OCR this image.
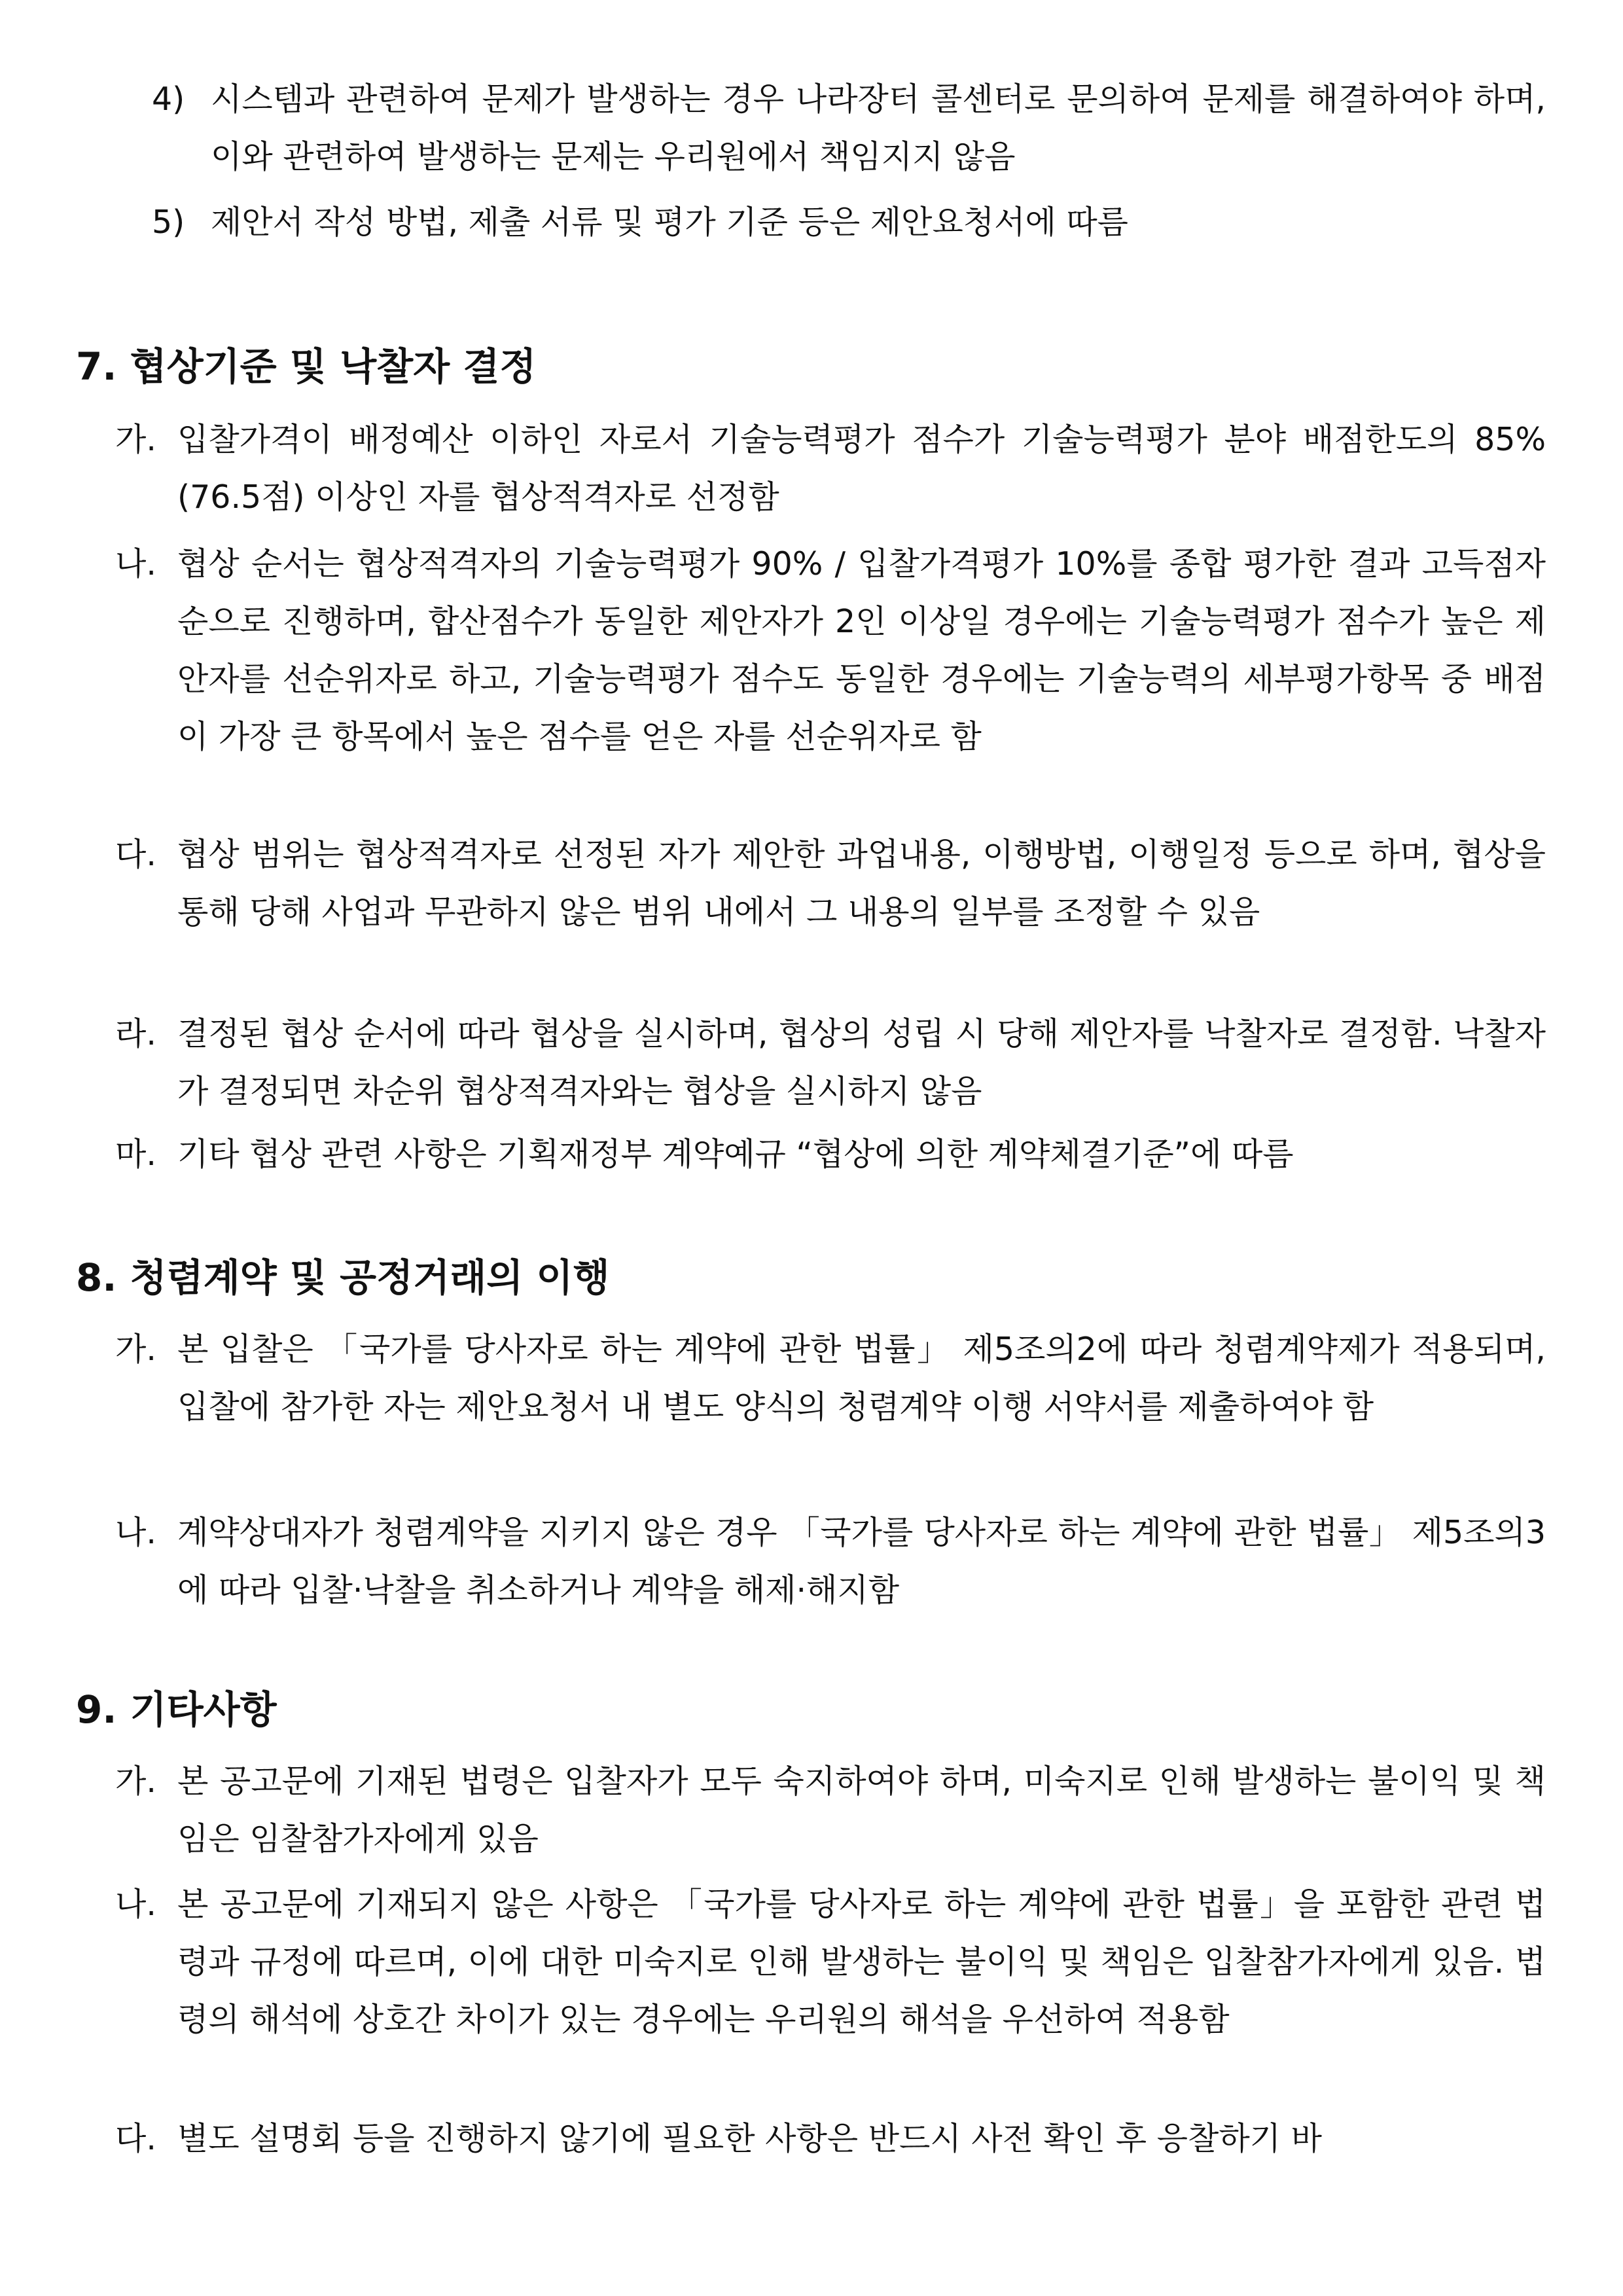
4) 시스템과 관련하여 문제가 발생하는 경우 나라장터 콜센터로 문의하여 문제를 해결하여야 하며, 이와 관련하여 발생하는 문제는 우리원에서 책임지지 않음
5) 제안서 작성 방법, 제출 서류 및 평가 기준 등은 제안요청서에 따름
7. 협상기준 및 낙찰자 결정
가. 입찰가격이 배정예산 이하인 자로서 기술능력평가 점수가 기술능력평가 분야 배점한도의 85%(76.5점) 이상인 자를 협상적격자로 선정함
나. 협상 순서는 협상적격자의 기술능력평가 90% / 입찰가격평가 10%를 종합 평가한 결과 고득점자순으로 진행하며, 합산점수가 동일한 제안자가 2인 이상일 경우에는 기술능력평가 점수가 높은 제안자를 선순위자로 하고, 기술능력평가 점수도 동일한 경우에는 기술능력의 세부평가항목 중 배점이 가장 큰 항목에서 높은 점수를 얻은 자를 선순위자로 함
다. 협상 범위는 협상적격자로 선정된 자가 제안한 과업내용, 이행방법, 이행일정 등으로 하며, 협상을 통해 당해 사업과 무관하지 않은 범위 내에서 그 내용의 일부를 조정할 수 있음
라. 결정된 협상 순서에 따라 협상을 실시하며, 협상의 성립 시 당해 제안자를 낙찰자로 결정함. 낙찰자가 결정되면 차순위 협상적격자와는 협상을 실시하지 않음
마. 기타 협상 관련 사항은 기획재정부 계약예규 “협상에 의한 계약체결기준”에 따름
8. 청렴계약 및 공정거래의 이행
가. 본 입찰은 「국가를 당사자로 하는 계약에 관한 법률」 제5조의2에 따라 청렴계약제가 적용되며, 입찰에 참가한 자는 제안요청서 내 별도 양식의 청렴계약 이행 서약서를 제출하여야 함
나. 계약상대자가 청렴계약을 지키지 않은 경우 「국가를 당사자로 하는 계약에 관한 법률」 제5조의3에 따라 입찰·낙찰을 취소하거나 계약을 해제·해지함
9. 기타사항
가. 본 공고문에 기재된 법령은 입찰자가 모두 숙지하여야 하며, 미숙지로 인해 발생하는 불이익 및 책임은 임찰참가자에게 있음
나. 본 공고문에 기재되지 않은 사항은 「국가를 당사자로 하는 계약에 관한 법률」을 포함한 관련 법령과 규정에 따르며, 이에 대한 미숙지로 인해 발생하는 불이익 및 책임은 입찰참가자에게 있음. 법령의 해석에 상호간 차이가 있는 경우에는 우리원의 해석을 우선하여 적용함
다. 별도 설명회 등을 진행하지 않기에 필요한 사항은 반드시 사전 확인 후 응찰하기 바
